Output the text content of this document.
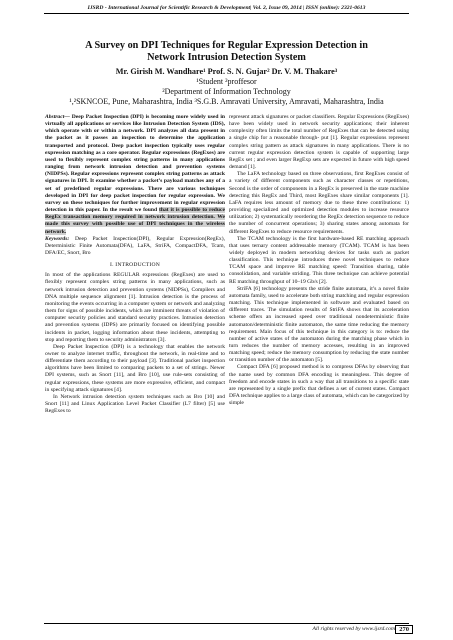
IJSRD - International Journal for Scientific Research & Development| Vol. 2, Issue 09, 2014 | ISSN (online): 2321-0613
A Survey on DPI Techniques for Regular Expression Detection in
Network Intrusion Detection System
Mr. Girish M. Wandhare¹ Prof. S. N. Gujar² Dr. V. M. Thakare³
¹Student ²proffesor
²Department of Information Technology
¹,²SKNCOE, Pune, Maharashtra, India ³S.G.B. Amravati University, Amravati, Maharashtra, India

Abstract— Deep Packet Inspection (DPI) is becoming more widely used in virtually all applications or services like Intrusion Detection System (IDS), which operate with or within a network. DPI analyzes all data present in the packet as it passes an inspection to determine the application transported and protocol. Deep packet inspection typically uses regular expression matching as a core operator. Regular expressions (RegExes) are used to flexibly represent complex string patterns in many applications ranging from network intrusion detection and prevention systems (NIDPSs). Regular expressions represent complex string patterns as attack signatures in DPI. It examine whether a packet’s payload matches any of a set of predefined regular expressions. There are various techniques developed in DPI for deep packet inspection for regular expression. We survey on these techniques for further improvement in regular expression detection in this paper. In the result we found that it is possible to reduce RegEx transaction memory required in network intrusion detection. We made this survey with possible use of DPI techniques in the wireless network.

Keywords: Deep Packet Inspection(DPI), Regular Expression(RegEx), Deterministic Finite Automata(DFA), LaFA, StriFA, CompactDFA, Tcam, DFA/EC, Snort, Bro

I. INTRODUCTION

In most of the applications REGULAR expressions (RegExes) are used to flexibly represent complex string patterns in many applications, such as network intrusion detection and prevention systems (NIDPSs), Compilers and DNA multiple sequence alignment [1]. Intrusion detection is the process of monitoring the events occurring in a computer system or network and analyzing them for signs of possible incidents, which are imminent threats of violation of computer security policies and standard security practices. Intrusion detection and prevention systems (IDPS) are primarily focused on identifying possible incidents in packet, logging information about these incidents, attempting to stop and reporting them to security administrators [3].

Deep Packet Inspection (DPI) is a technology that enables the network owner to analyze internet traffic, throughout the network, in real-time and to differentiate them according to their payload [3]. Traditional packet inspection algorithms have been limited to comparing packets to a set of strings. Newer DPI systems, such as Snort [11], and Bro [10], use rule-sets consisting of regular expressions, these systems are more expressive, efficient, and compact in specifying attack signatures [4].

In Network intrusion detection system techniques such as Bro [10] and Snort [11] and Linux Application Level Packet Classifier (L7 filter) [5] use RegExes to

represent attack signatures or packet classifiers. Regular Expressions (RegExes) have been widely used in network security applications; their inherent complexity often limits the total number of RegExes that can be detected using a single chip for a reasonable through- put [1]. Regular expressions represent complex string pattern as attack signatures in many applications. There is no current regular expression detection system is capable of supporting large RegEx set ; and even larger RegExp sets are expected in future with high speed demand [1].

The LaFA technology based on three observations, first RegExes consist of a variety of different components such as character classes or repetitions, Second is the order of components in a RegEx is preserved in the state machine detecting this RegEx and Third, most RegExes share similar components [1]. LaFA requires less amount of memory due to these three contributions: 1) providing specialized and optimized detection modules to increase resource utilization; 2) systematically reordering the RegEx detection sequence to reduce the number of concurrent operations; 3) sharing states among automata for different RegExes to reduce resource requirements.

The TCAM technology is the first hardware-based RE matching approach that uses ternary content addressable memory (TCAM). TCAM is has been widely deployed in modern networking devices for tasks such as packet classification. This technique introduces three novel techniques to reduce TCAM space and improve RE matching speed: Transition sharing, table consolidation, and variable striding. This three technique can achieve potential RE matching throughput of 10–19 Gb/s [2].

StriFA [6] technology presents the stride finite automata, it’s a novel finite automata family, used to accelerate both string matching and regular expression matching. This technique implemented in software and evaluated based on different traces. The simulation results of StriFA shows that its acceleration scheme offers an increased speed over traditional nondeterministic finite automaton/deterministic finite automaton, the same time reducing the memory requirement. Main focus of this technique in this category is to: reduce the number of active states of the automaton during the matching phase which in turn reduces the number of memory accesses, resulting in an improved matching speed; reduce the memory consumption by reducing the state number or transition number of the automaton [5].

Compact DFA [6] proposed method is to compress DFAs by observing that the name used by common DFA encoding is meaningless. This degree of freedom and encode states in such a way that all transitions to a specific state are represented by a single prefix that defines a set of current states. Compact DFA technique applies to a large class of automata, which can be categorized by simple

All rights reserved by www.ijsrd.com 270
